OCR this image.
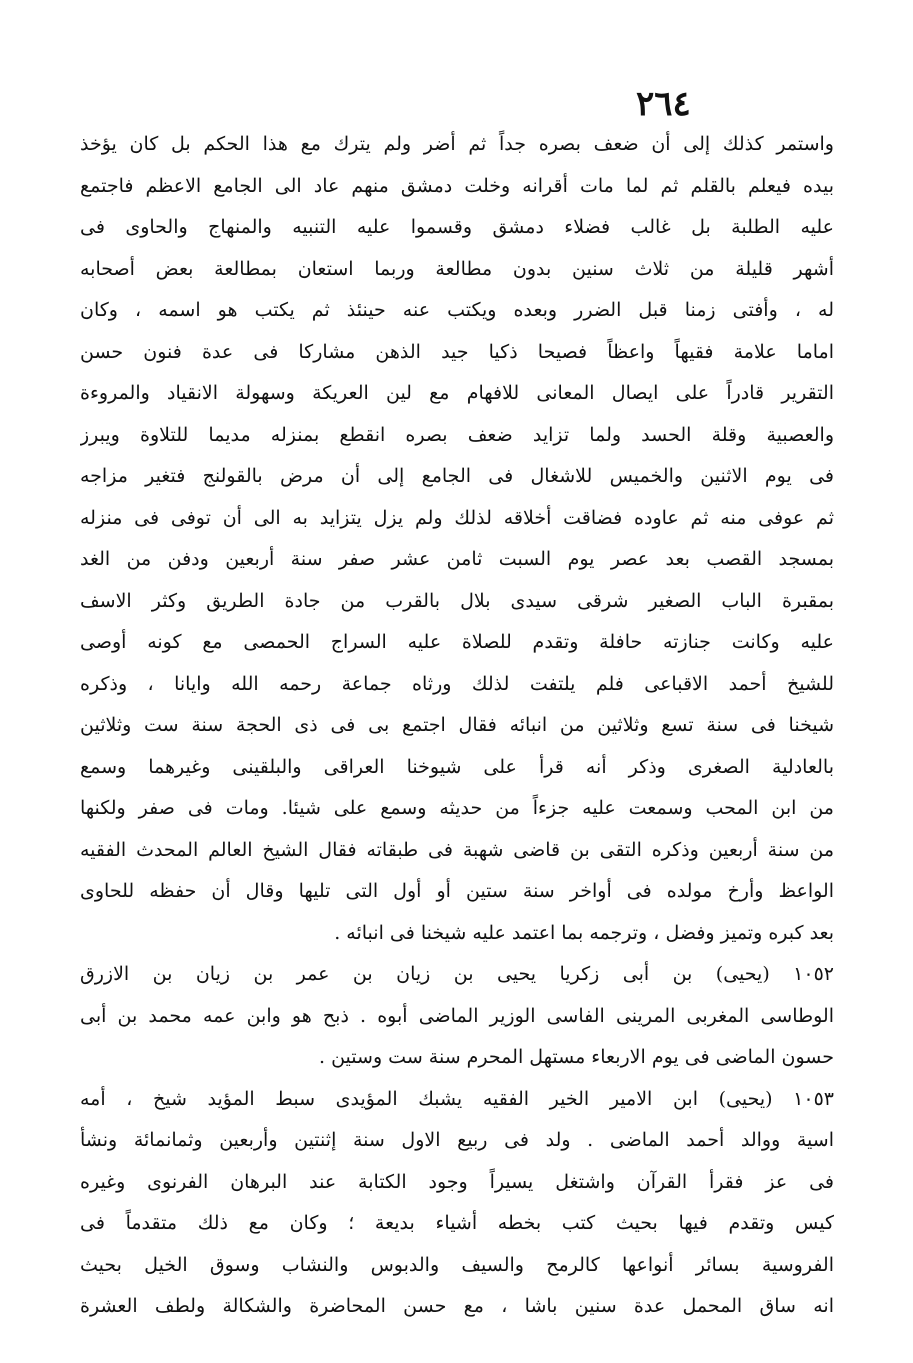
٢٦٤
واستمر كذلك إلى أن ضعف بصره جداً ثم أضر ولم يترك مع هذا الحكم بل كان يؤخذ
بيده فيعلم بالقلم ثم لما مات أقرانه وخلت دمشق منهم عاد الى الجامع الاعظم فاجتمع
عليه الطلبة بل غالب فضلاء دمشق وقسموا عليه التنبيه والمنهاج والحاوى فى
أشهر قليلة من ثلاث سنين بدون مطالعة وربما استعان بمطالعة بعض أصحابه
له ، وأفتى زمنا قبل الضرر وبعده ويكتب عنه حينئذ ثم يكتب هو اسمه ، وكان
اماما علامة فقيهاً واعظاً فصيحا ذكيا جيد الذهن مشاركا فى عدة فنون حسن
التقرير قادراً على ايصال المعانى للافهام مع لين العريكة وسهولة الانقياد والمروءة
والعصبية وقلة الحسد ولما تزايد ضعف بصره انقطع بمنزله مديما للتلاوة ويبرز
فى يوم الاثنين والخميس للاشغال فى الجامع إلى أن مرض بالقولنج فتغير مزاجه
ثم عوفى منه ثم عاوده فضاقت أخلاقه لذلك ولم يزل يتزايد به الى أن توفى فى منزله
بمسجد القصب بعد عصر يوم السبت ثامن عشر صفر سنة أربعين ودفن من الغد
بمقبرة الباب الصغير شرقى سيدى بلال بالقرب من جادة الطريق وكثر الاسف
عليه وكانت جنازته حافلة وتقدم للصلاة عليه السراج الحمصى مع كونه أوصى
للشيخ أحمد الاقباعى فلم يلتفت لذلك ورثاه جماعة رحمه الله وايانا ، وذكره
شيخنا فى سنة تسع وثلاثين من انبائه فقال اجتمع بى فى ذى الحجة سنة ست وثلاثين
بالعادلية الصغرى وذكر أنه قرأ على شيوخنا العراقى والبلقينى وغيرهما وسمع
من ابن المحب وسمعت عليه جزءاً من حديثه وسمع على شيئا. ومات فى صفر ولكنها
من سنة أربعين وذكره التقى بن قاضى شهبة فى طبقاته فقال الشيخ العالم المحدث الفقيه
الواعظ وأرخ مولده فى أواخر سنة ستين أو أول التى تليها وقال أن حفظه للحاوى
بعد كبره وتميز وفضل ، وترجمه بما اعتمد عليه شيخنا فى انبائه .
١٠٥٢ (يحيى) بن أبى زكريا يحيى بن زيان بن عمر بن زيان بن الازرق
الوطاسى المغربى المرينى الفاسى الوزير الماضى أبوه . ذبح هو وابن عمه محمد بن أبى
حسون الماضى فى يوم الاربعاء مستهل المحرم سنة ست وستين .
١٠٥٣ (يحيى) ابن الامير الخير الفقيه يشبك المؤيدى سبط المؤيد شيخ ، أمه
اسية ووالد أحمد الماضى . ولد فى ربيع الاول سنة إثنتين وأربعين وثمانمائة ونشأ
فى عز فقرأ القرآن واشتغل يسيراً وجود الكتابة عند البرهان الفرنوى وغيره
كيس وتقدم فيها بحيث كتب بخطه أشياء بديعة ؛ وكان مع ذلك متقدماً فى
الفروسية بسائر أنواعها كالرمح والسيف والدبوس والنشاب وسوق الخيل بحيث
انه ساق المحمل عدة سنين باشا ، مع حسن المحاضرة والشكالة ولطف العشرة
